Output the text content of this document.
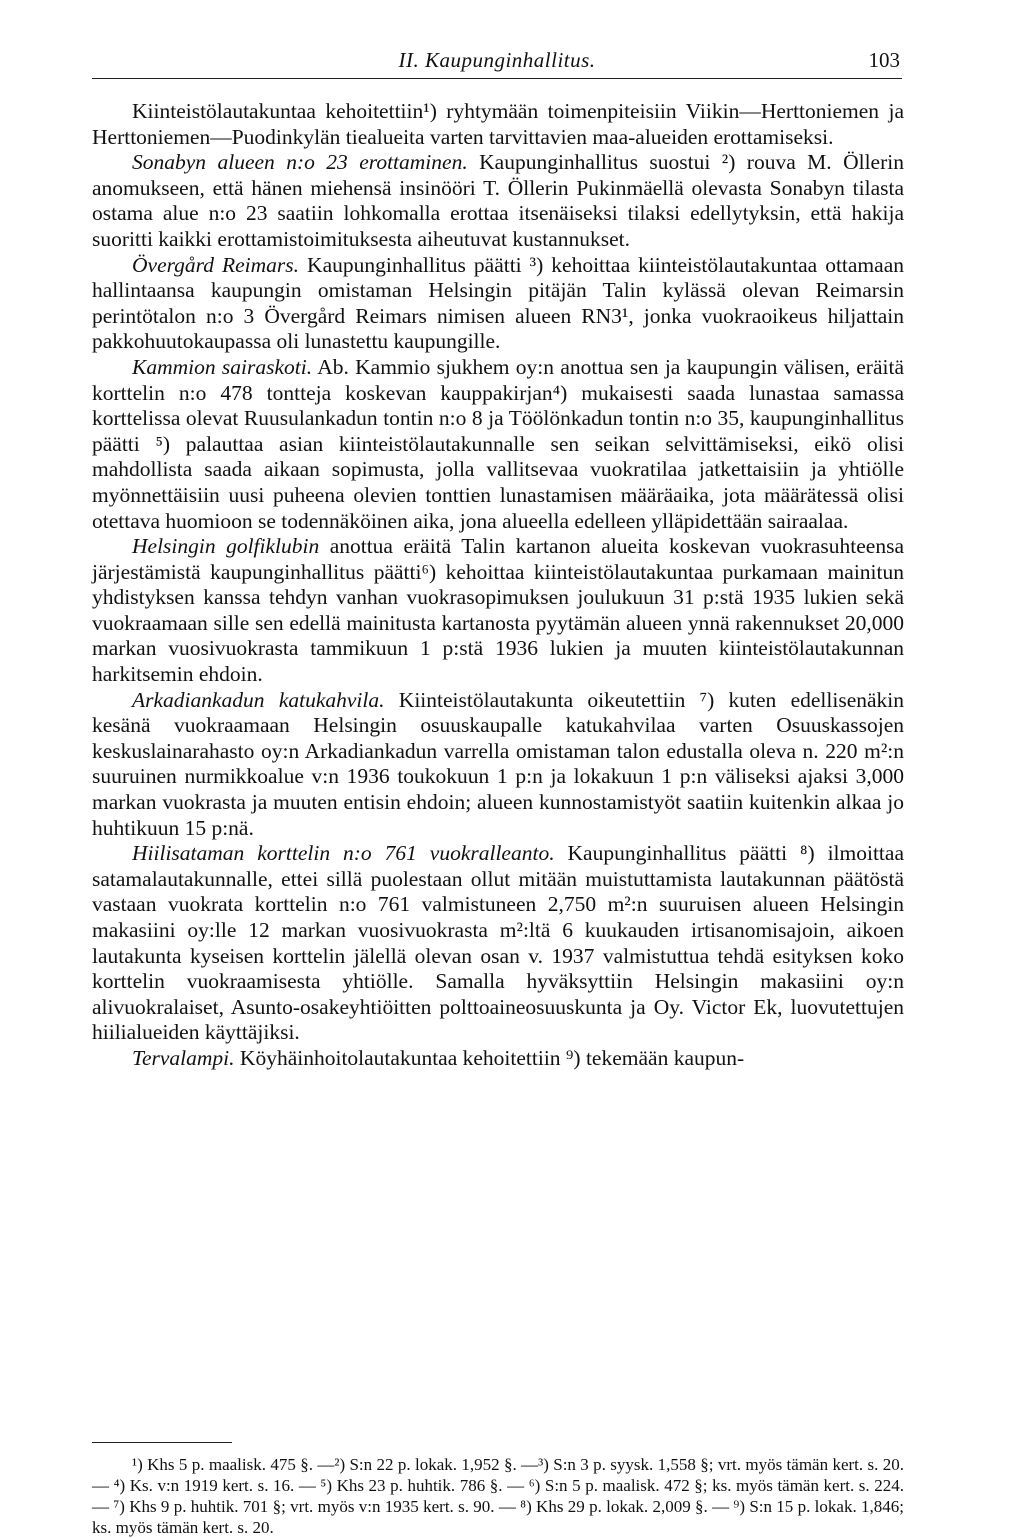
II. Kaupunginhallitus.	103

Kiinteistölautakuntaa kehoitettiin¹) ryhtymään toimenpiteisiin Viikin—Herttoniemen ja Herttoniemen—Puodinkylän tiealueita varten tarvittavien maa-alueiden erottamiseksi.

Sonabyn alueen n:o 23 erottaminen. Kaupunginhallitus suostui ²) rouva M. Öllerin anomukseen, että hänen miehensä insinööri T. Öllerin Pukinmäellä olevasta Sonabyn tilasta ostama alue n:o 23 saatiin lohkomalla erottaa itsenäiseksi tilaksi edellytyksin, että hakija suoritti kaikki erottamistoimituksesta aiheutuvat kustannukset.

Övergård Reimars. Kaupunginhallitus päätti ³) kehoittaa kiinteistölautakuntaa ottamaan hallintaansa kaupungin omistaman Helsingin pitäjän Talin kylässä olevan Reimarsin perintötalon n:o 3 Övergård Reimars nimisen alueen RN3¹, jonka vuokraoikeus hiljattain pakkohuutokaupassa oli lunastettu kaupungille.

Kammion sairaskoti. Ab. Kammio sjukhem oy:n anottua sen ja kaupungin välisen, eräitä korttelin n:o 478 tontteja koskevan kauppakirjan⁴) mukaisesti saada lunastaa samassa korttelissa olevat Ruusulankadun tontin n:o 8 ja Töölönkadun tontin n:o 35, kaupunginhallitus päätti ⁵) palauttaa asian kiinteistölautakunnalle sen seikan selvittämiseksi, eikö olisi mahdollista saada aikaan sopimusta, jolla vallitsevaa vuokratilaa jatkettaisiin ja yhtiölle myönnettäisiin uusi puheena olevien tonttien lunastamisen määräaika, jota määrätessä olisi otettava huomioon se todennäköinen aika, jona alueella edelleen ylläpidettään sairaalaa.

Helsingin golfiklubin anottua eräitä Talin kartanon alueita koskevan vuokrasuhteensa järjestämistä kaupunginhallitus päätti⁶) kehoittaa kiinteistölautakuntaa purkamaan mainitun yhdistyksen kanssa tehdyn vanhan vuokrasopimuksen joulukuun 31 p:stä 1935 lukien sekä vuokraamaan sille sen edellä mainitusta kartanosta pyytämän alueen ynnä rakennukset 20,000 markan vuosivuokrasta tammikuun 1 p:stä 1936 lukien ja muuten kiinteistölautakunnan harkitsemin ehdoin.

Arkadiankadun katukahvila. Kiinteistölautakunta oikeutettiin ⁷) kuten edellisenäkin kesänä vuokraamaan Helsingin osuuskaupalle katukahvilaa varten Osuuskassojen keskuslainarahasto oy:n Arkadiankadun varrella omistaman talon edustalla oleva n. 220 m²:n suuruinen nurmikkoalue v:n 1936 toukokuun 1 p:n ja lokakuun 1 p:n väliseksi ajaksi 3,000 markan vuokrasta ja muuten entisin ehdoin; alueen kunnostamistyöt saatiin kuitenkin alkaa jo huhtikuun 15 p:nä.

Hiilisataman korttelin n:o 761 vuokralleanto. Kaupunginhallitus päätti ⁸) ilmoittaa satamalautakunnalle, ettei sillä puolestaan ollut mitään muistuttamista lautakunnan päätöstä vastaan vuokrata korttelin n:o 761 valmistuneen 2,750 m²:n suuruisen alueen Helsingin makasiini oy:lle 12 markan vuosivuokrasta m²:ltä 6 kuukauden irtisanomisajoin, aikoen lautakunta kyseisen korttelin jälellä olevan osan v. 1937 valmistuttua tehdä esityksen koko korttelin vuokraamisesta yhtiölle. Samalla hyväksyttiin Helsingin makasiini oy:n alivuokralaiset, Asunto-osakeyhtiöitten polttoaineosuuskunta ja Oy. Victor Ek, luovutettujen hiilialueiden käyttäjiksi.

Tervalampi. Köyhäinhoitolautakuntaa kehoitettiin ⁹) tekemään kaupun-

¹) Khs 5 p. maalisk. 475 §. —²) S:n 22 p. lokak. 1,952 §. —³) S:n 3 p. syysk. 1,558 §; vrt. myös tämän kert. s. 20. — ⁴) Ks. v:n 1919 kert. s. 16. — ⁵) Khs 23 p. huhtik. 786 §. — ⁶) S:n 5 p. maalisk. 472 §; ks. myös tämän kert. s. 224. — ⁷) Khs 9 p. huhtik. 701 §; vrt. myös v:n 1935 kert. s. 90. — ⁸) Khs 29 p. lokak. 2,009 §. — ⁹) S:n 15 p. lokak. 1,846; ks. myös tämän kert. s. 20.
